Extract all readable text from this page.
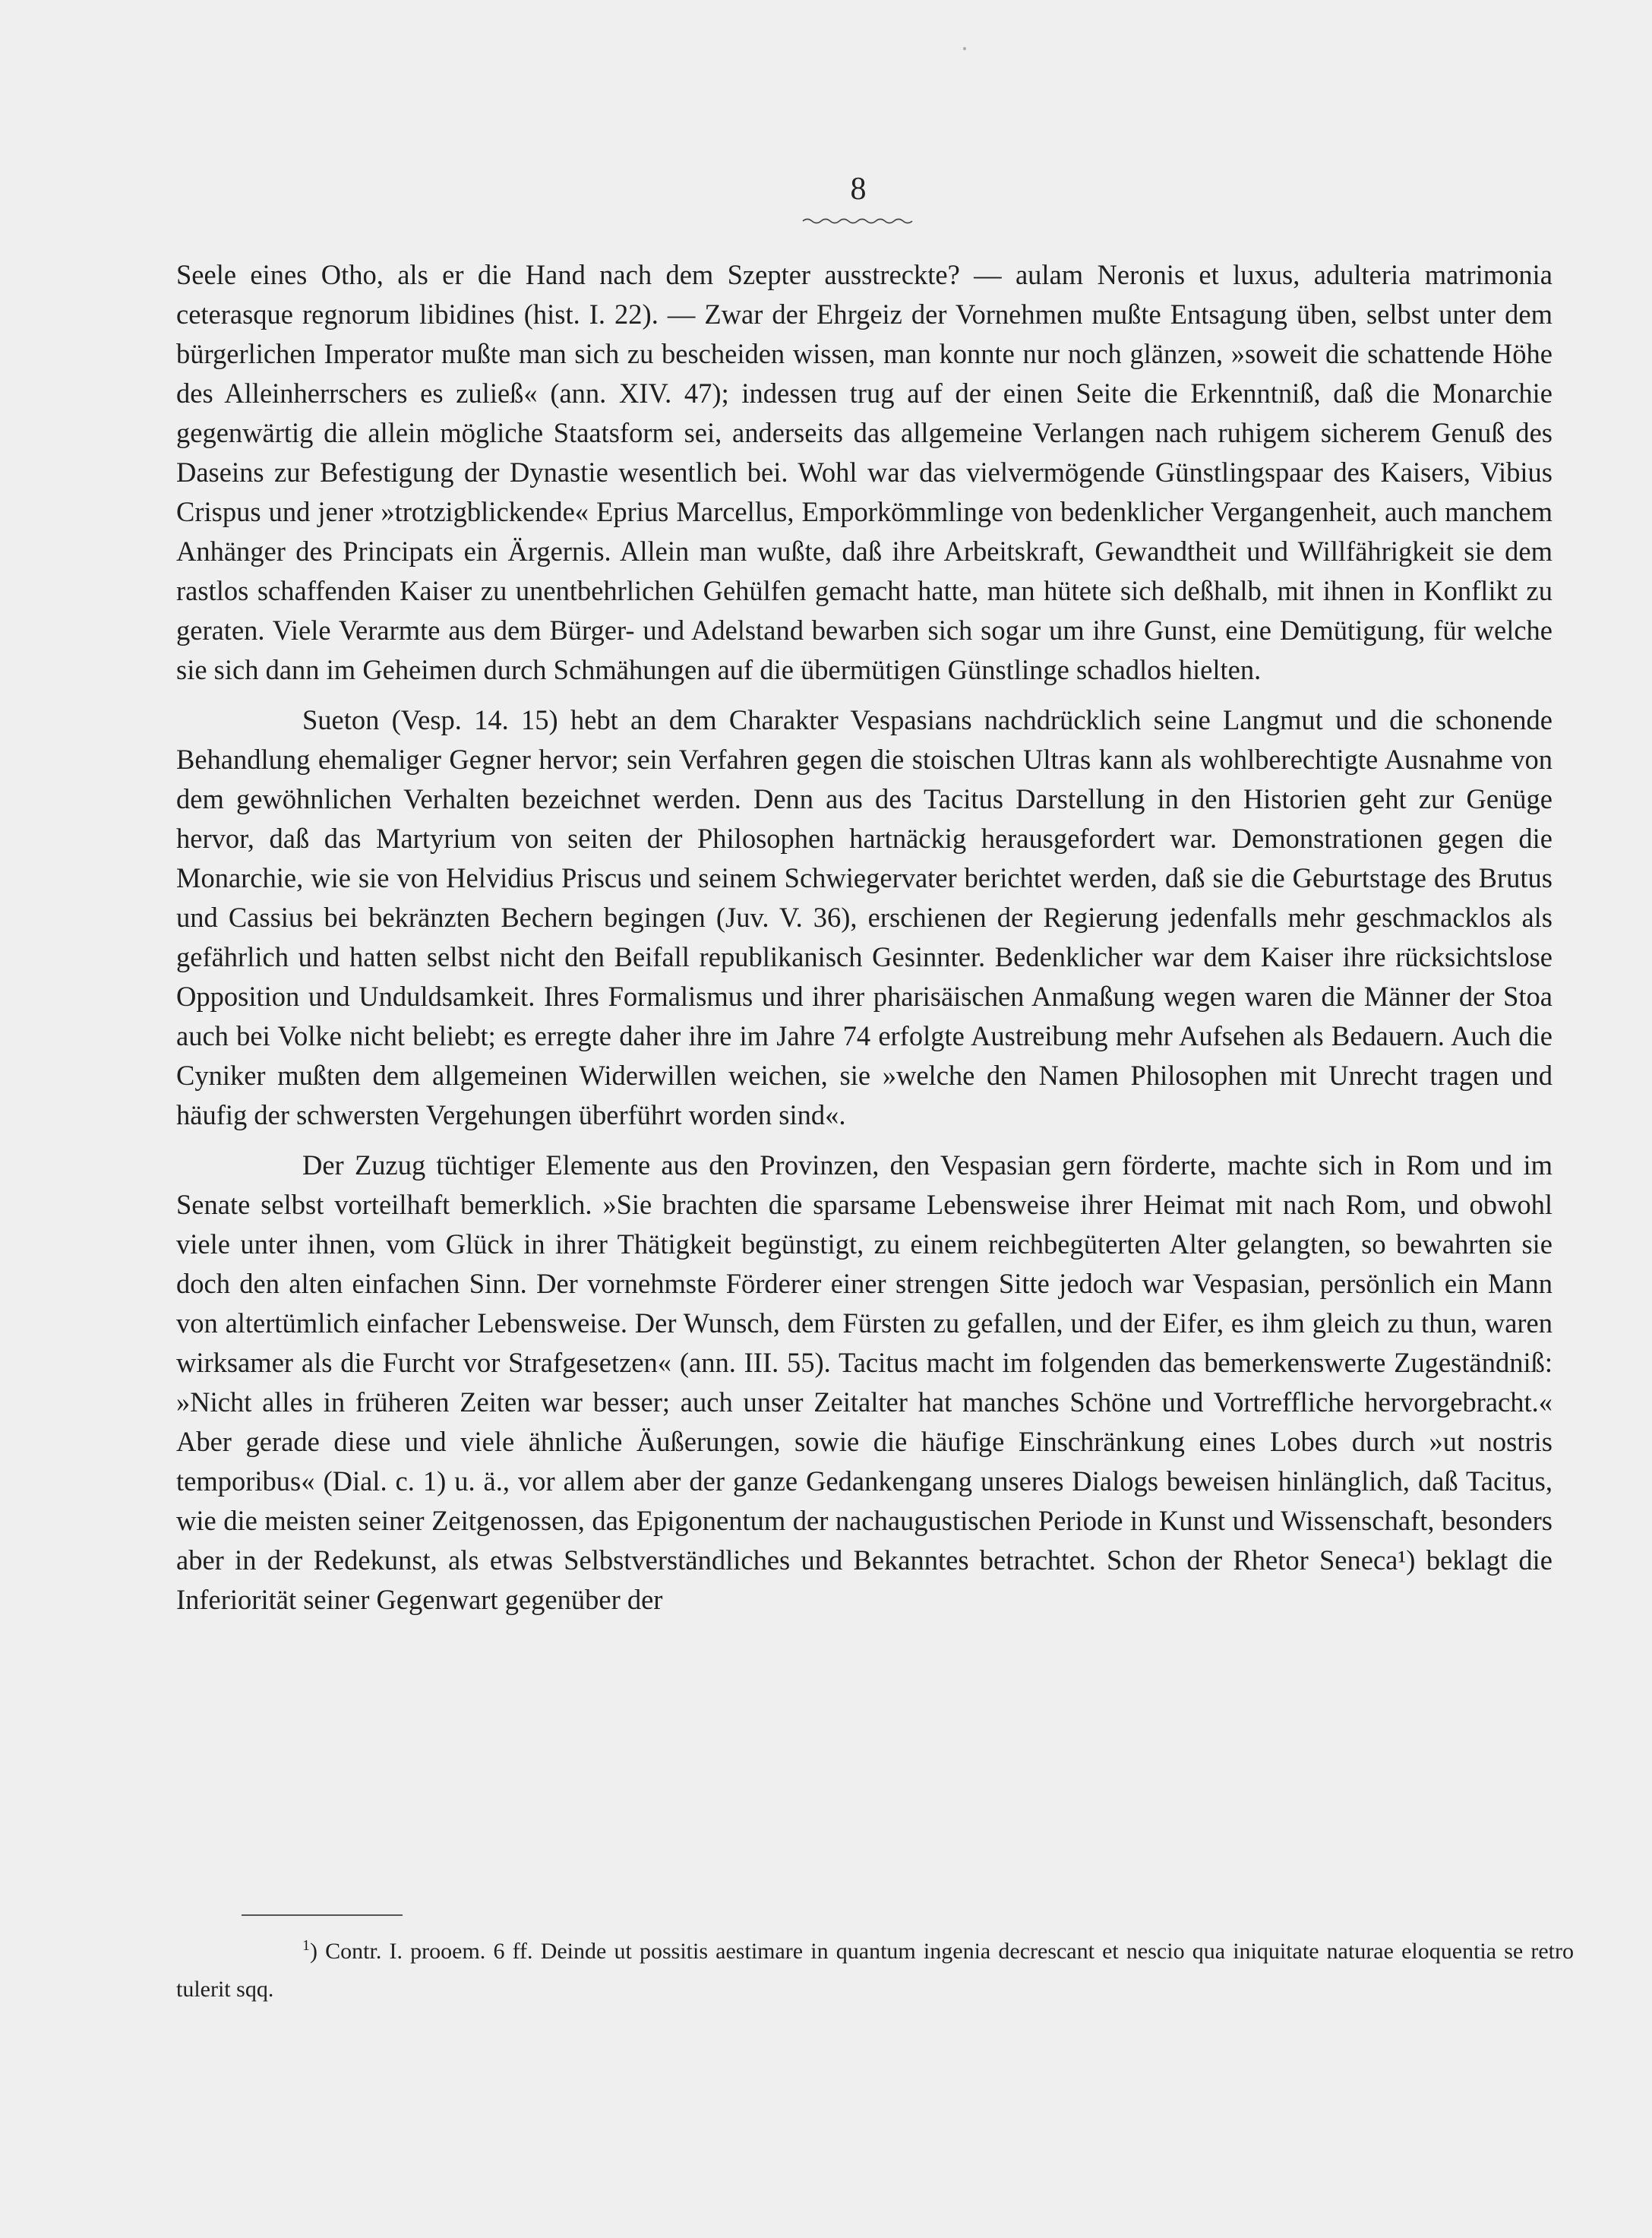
8

Seele eines Otho, als er die Hand nach dem Szepter ausstreckte? — aulam Neronis et luxus, adulteria matrimonia ceterasque regnorum libidines (hist. I. 22). — Zwar der Ehrgeiz der Vornehmen mußte Entsagung üben, selbst unter dem bürgerlichen Imperator mußte man sich zu bescheiden wissen, man konnte nur noch glänzen, »soweit die schattende Höhe des Alleinherrschers es zuließ« (ann. XIV. 47); indessen trug auf der einen Seite die Erkenntniß, daß die Monarchie gegenwärtig die allein mögliche Staatsform sei, anderseits das allgemeine Verlangen nach ruhigem sicherem Genuß des Daseins zur Befestigung der Dynastie wesentlich bei. Wohl war das vielvermögende Günstlingspaar des Kaisers, Vibius Crispus und jener »trotzigblickende« Eprius Marcellus, Emporkömmlinge von bedenklicher Vergangenheit, auch manchem Anhänger des Principats ein Ärgernis. Allein man wußte, daß ihre Arbeitskraft, Gewandtheit und Willfährigkeit sie dem rastlos schaffenden Kaiser zu unentbehrlichen Gehülfen gemacht hatte, man hütete sich deßhalb, mit ihnen in Konflikt zu geraten. Viele Verarmte aus dem Bürger- und Adelstand bewarben sich sogar um ihre Gunst, eine Demütigung, für welche sie sich dann im Geheimen durch Schmähungen auf die übermütigen Günstlinge schadlos hielten.

Sueton (Vesp. 14. 15) hebt an dem Charakter Vespasians nachdrücklich seine Langmut und die schonende Behandlung ehemaliger Gegner hervor; sein Verfahren gegen die stoischen Ultras kann als wohlberechtigte Ausnahme von dem gewöhnlichen Verhalten bezeichnet werden. Denn aus des Tacitus Darstellung in den Historien geht zur Genüge hervor, daß das Martyrium von seiten der Philosophen hartnäckig herausgefordert war. Demonstrationen gegen die Monarchie, wie sie von Helvidius Priscus und seinem Schwiegervater berichtet werden, daß sie die Geburtstage des Brutus und Cassius bei bekränzten Bechern begingen (Juv. V. 36), erschienen der Regierung jedenfalls mehr geschmacklos als gefährlich und hatten selbst nicht den Beifall republikanisch Gesinnter. Bedenklicher war dem Kaiser ihre rücksichtslose Opposition und Unduldsamkeit. Ihres Formalismus und ihrer pharisäischen Anmaßung wegen waren die Männer der Stoa auch bei Volke nicht beliebt; es erregte daher ihre im Jahre 74 erfolgte Austreibung mehr Aufsehen als Bedauern. Auch die Cyniker mußten dem allgemeinen Widerwillen weichen, sie »welche den Namen Philosophen mit Unrecht tragen und häufig der schwersten Vergehungen überführt worden sind«.

Der Zuzug tüchtiger Elemente aus den Provinzen, den Vespasian gern förderte, machte sich in Rom und im Senate selbst vorteilhaft bemerklich. »Sie brachten die sparsame Lebensweise ihrer Heimat mit nach Rom, und obwohl viele unter ihnen, vom Glück in ihrer Thätigkeit begünstigt, zu einem reichbegüterten Alter gelangten, so bewahrten sie doch den alten einfachen Sinn. Der vornehmste Förderer einer strengen Sitte jedoch war Vespasian, persönlich ein Mann von altertümlich einfacher Lebensweise. Der Wunsch, dem Fürsten zu gefallen, und der Eifer, es ihm gleich zu thun, waren wirksamer als die Furcht vor Strafgesetzen« (ann. III. 55). Tacitus macht im folgenden das bemerkenswerte Zugeständniß: »Nicht alles in früheren Zeiten war besser; auch unser Zeitalter hat manches Schöne und Vortreffliche hervorgebracht.« Aber gerade diese und viele ähnliche Äußerungen, sowie die häufige Einschränkung eines Lobes durch »ut nostris temporibus« (Dial. c. 1) u. ä., vor allem aber der ganze Gedankengang unseres Dialogs beweisen hinlänglich, daß Tacitus, wie die meisten seiner Zeitgenossen, das Epigonentum der nachaugustischen Periode in Kunst und Wissenschaft, besonders aber in der Redekunst, als etwas Selbstverständliches und Bekanntes betrachtet. Schon der Rhetor Seneca¹) beklagt die Inferiorität seiner Gegenwart gegenüber der

$^1$) Contr. I. prooem. 6 ff. Deinde ut possitis aestimare in quantum ingenia decrescant et nescio qua iniquitate naturae eloquentia se retro tulerit sqq.
